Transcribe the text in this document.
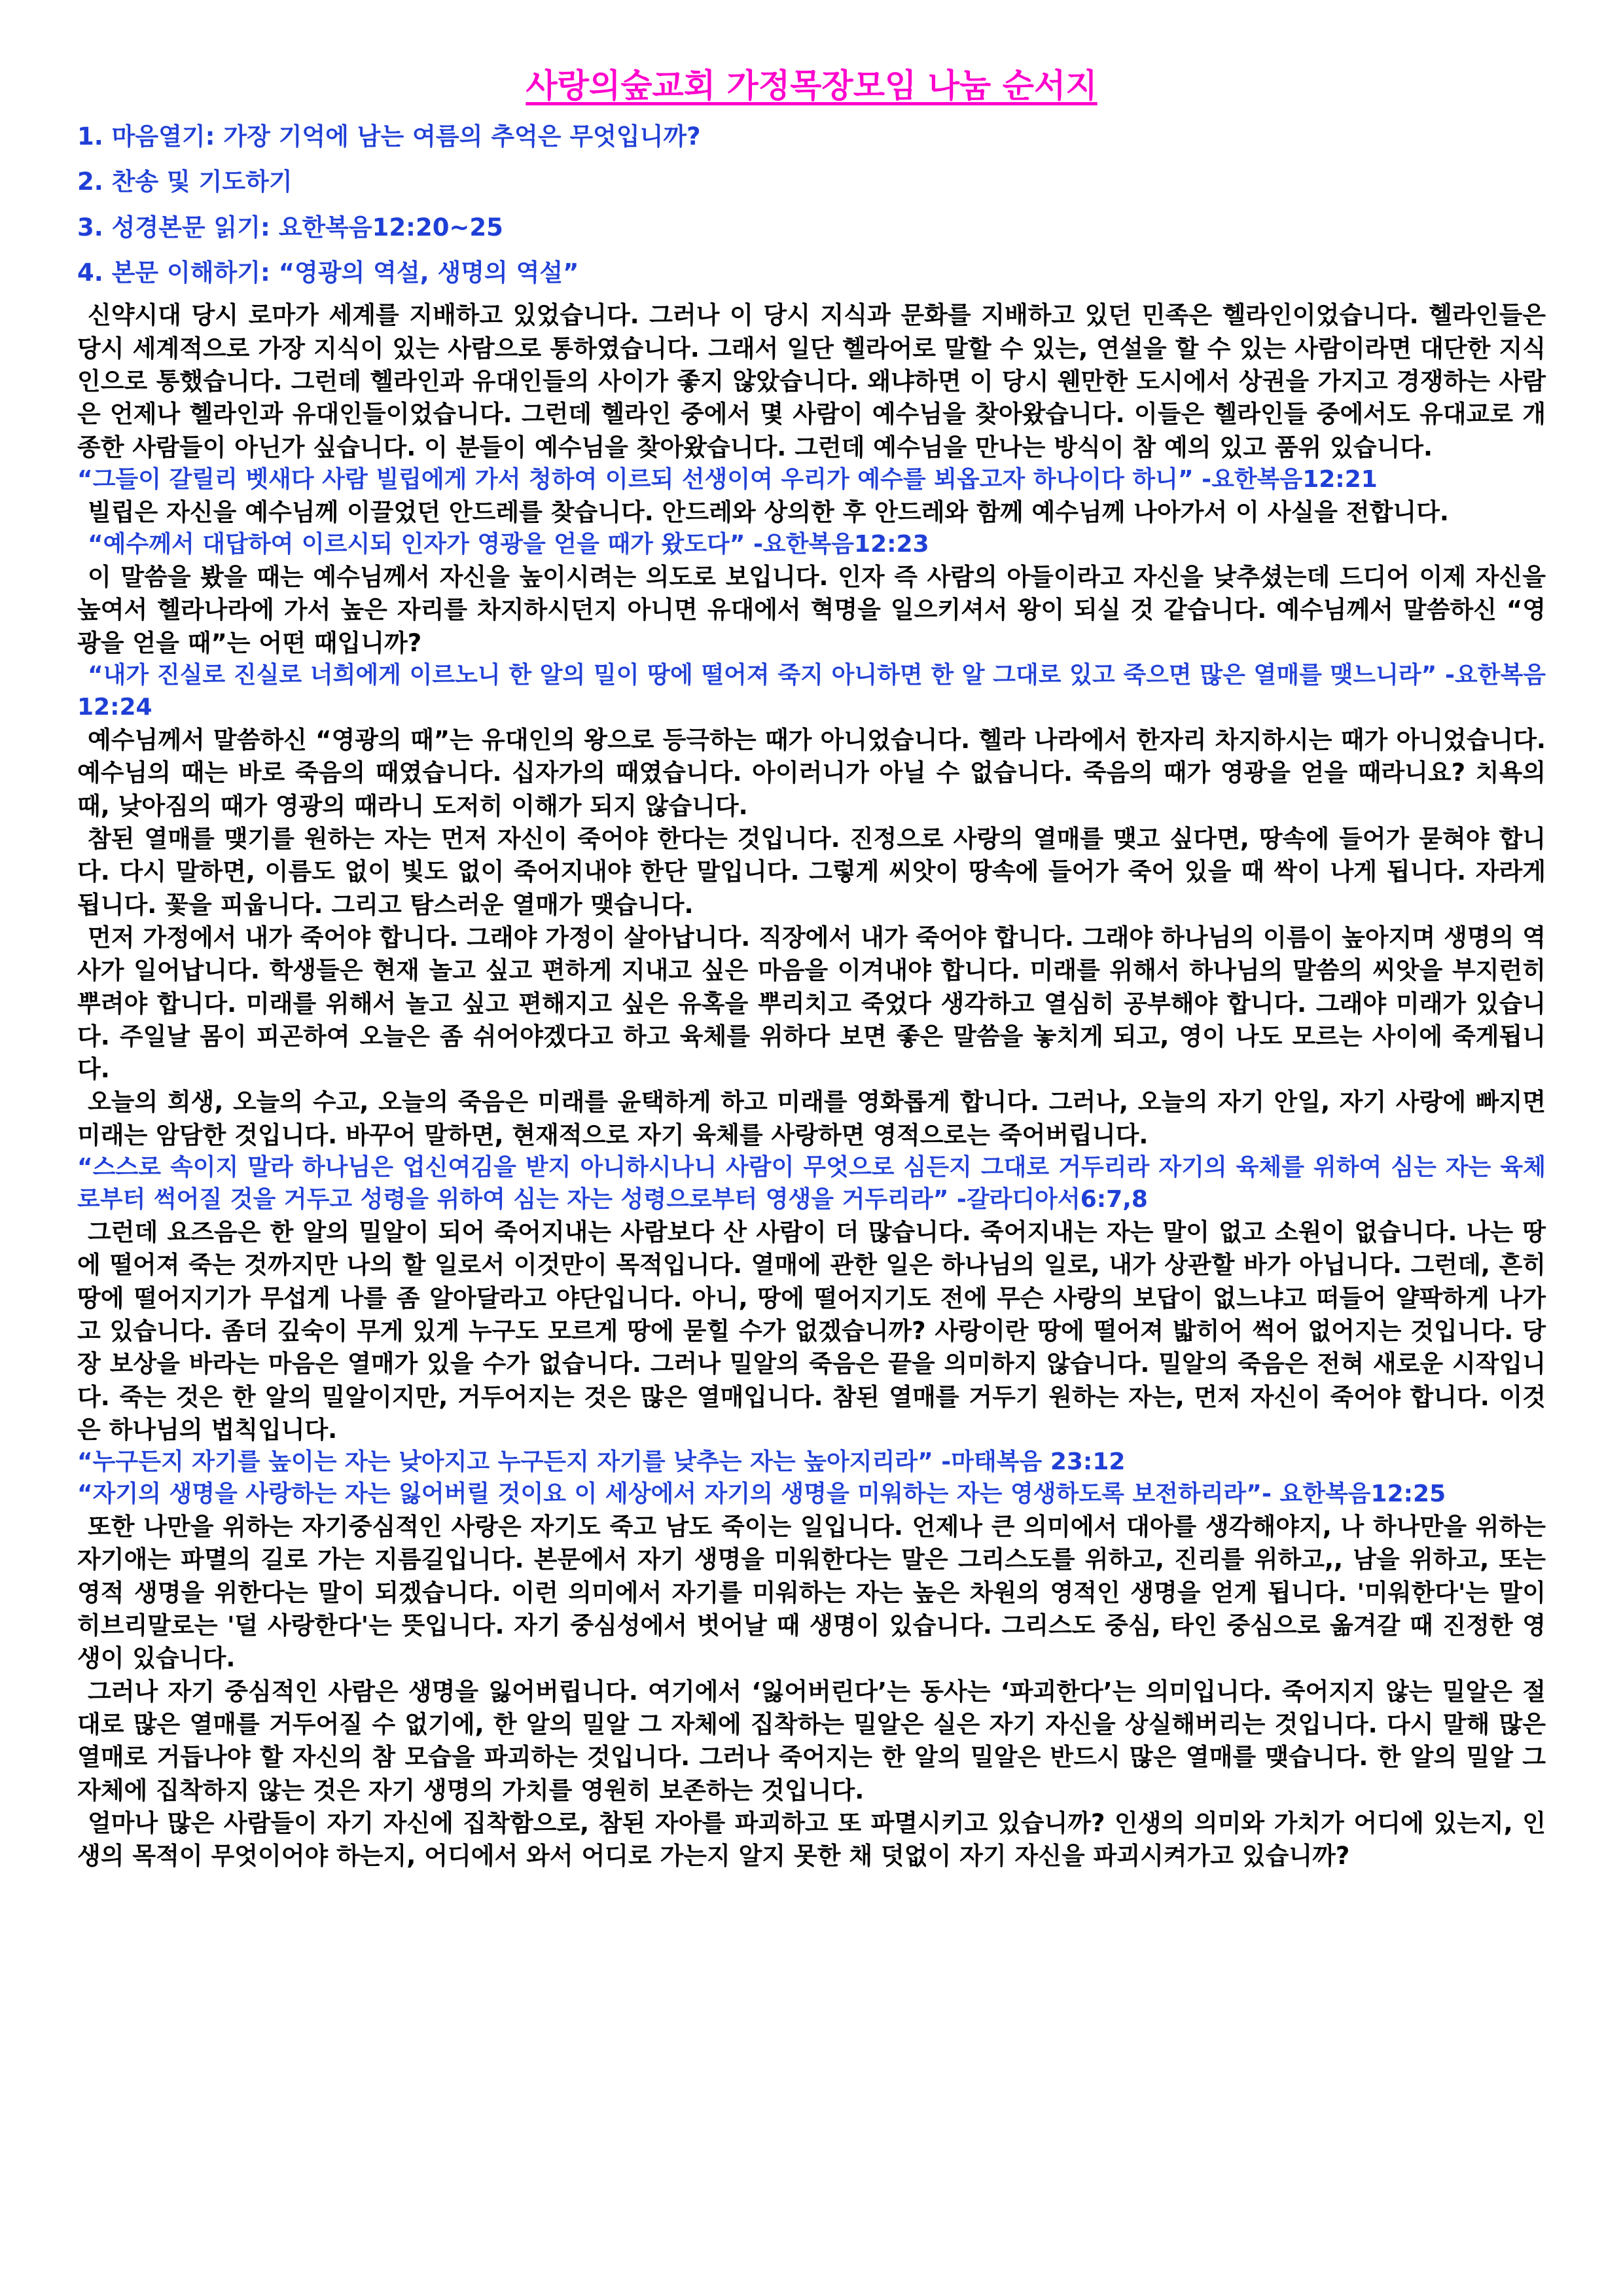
사랑의숲교회 가정목장모임 나눔 순서지
1. 마음열기: 가장 기억에 남는 여름의 추억은 무엇입니까?
2. 찬송 및 기도하기
3. 성경본문 읽기: 요한복음12:20~25
4. 본문 이해하기: “영광의 역설, 생명의 역설”

신약시대 당시 로마가 세계를 지배하고 있었습니다. 그러나 이 당시 지식과 문화를 지배하고 있던 민족은 헬라인이었습니다. 헬라인들은 당시 세계적으로 가장 지식이 있는 사람으로 통하였습니다. 그래서 일단 헬라어로 말할 수 있는, 연설을 할 수 있는 사람이라면 대단한 지식인으로 통했습니다. 그런데 헬라인과 유대인들의 사이가 좋지 않았습니다. 왜냐하면 이 당시 웬만한 도시에서 상권을 가지고 경쟁하는 사람은 언제나 헬라인과 유대인들이었습니다. 그런데 헬라인 중에서 몇 사람이 예수님을 찾아왔습니다. 이들은 헬라인들 중에서도 유대교로 개종한 사람들이 아닌가 싶습니다. 이 분들이 예수님을 찾아왔습니다. 그런데 예수님을 만나는 방식이 참 예의 있고 품위 있습니다.

“그들이 갈릴리 벳새다 사람 빌립에게 가서 청하여 이르되 선생이여 우리가 예수를 뵈옵고자 하나이다 하니” -요한복음12:21

빌립은 자신을 예수님께 이끌었던 안드레를 찾습니다. 안드레와 상의한 후 안드레와 함께 예수님께 나아가서 이 사실을 전합니다.

“예수께서 대답하여 이르시되 인자가 영광을 얻을 때가 왔도다” -요한복음12:23

이 말씀을 봤을 때는 예수님께서 자신을 높이시려는 의도로 보입니다. 인자 즉 사람의 아들이라고 자신을 낮추셨는데 드디어 이제 자신을 높여서 헬라나라에 가서 높은 자리를 차지하시던지 아니면 유대에서 혁명을 일으키셔서 왕이 되실 것 같습니다. 예수님께서 말씀하신 “영광을 얻을 때”는 어떤 때입니까?

“내가 진실로 진실로 너희에게 이르노니 한 알의 밀이 땅에 떨어져 죽지 아니하면 한 알 그대로 있고 죽으면 많은 열매를 맺느니라” -요한복음12:24

예수님께서 말씀하신 “영광의 때”는 유대인의 왕으로 등극하는 때가 아니었습니다. 헬라 나라에서 한자리 차지하시는 때가 아니었습니다. 예수님의 때는 바로 죽음의 때였습니다. 십자가의 때였습니다. 아이러니가 아닐 수 없습니다. 죽음의 때가 영광을 얻을 때라니요? 치욕의 때, 낮아짐의 때가 영광의 때라니 도저히 이해가 되지 않습니다.

참된 열매를 맺기를 원하는 자는 먼저 자신이 죽어야 한다는 것입니다. 진정으로 사랑의 열매를 맺고 싶다면, 땅속에 들어가 묻혀야 합니다. 다시 말하면, 이름도 없이 빛도 없이 죽어지내야 한단 말입니다. 그렇게 씨앗이 땅속에 들어가 죽어 있을 때 싹이 나게 됩니다. 자라게 됩니다. 꽃을 피웁니다. 그리고 탐스러운 열매가 맺습니다.

먼저 가정에서 내가 죽어야 합니다. 그래야 가정이 살아납니다. 직장에서 내가 죽어야 합니다. 그래야 하나님의 이름이 높아지며 생명의 역사가 일어납니다. 학생들은 현재 놀고 싶고 편하게 지내고 싶은 마음을 이겨내야 합니다. 미래를 위해서 하나님의 말씀의 씨앗을 부지런히 뿌려야 합니다. 미래를 위해서 놀고 싶고 편해지고 싶은 유혹을 뿌리치고 죽었다 생각하고 열심히 공부해야 합니다. 그래야 미래가 있습니다. 주일날 몸이 피곤하여 오늘은 좀 쉬어야겠다고 하고 육체를 위하다 보면 좋은 말씀을 놓치게 되고, 영이 나도 모르는 사이에 죽게됩니다.

오늘의 희생, 오늘의 수고, 오늘의 죽음은 미래를 윤택하게 하고 미래를 영화롭게 합니다. 그러나, 오늘의 자기 안일, 자기 사랑에 빠지면 미래는 암담한 것입니다. 바꾸어 말하면, 현재적으로 자기 육체를 사랑하면 영적으로는 죽어버립니다.

“스스로 속이지 말라 하나님은 업신여김을 받지 아니하시나니 사람이 무엇으로 심든지 그대로 거두리라 자기의 육체를 위하여 심는 자는 육체로부터 썩어질 것을 거두고 성령을 위하여 심는 자는 성령으로부터 영생을 거두리라” -갈라디아서6:7,8

그런데 요즈음은 한 알의 밀알이 되어 죽어지내는 사람보다 산 사람이 더 많습니다. 죽어지내는 자는 말이 없고 소원이 없습니다. 나는 땅에 떨어져 죽는 것까지만 나의 할 일로서 이것만이 목적입니다. 열매에 관한 일은 하나님의 일로, 내가 상관할 바가 아닙니다. 그런데, 흔히 땅에 떨어지기가 무섭게 나를 좀 알아달라고 야단입니다. 아니, 땅에 떨어지기도 전에 무슨 사랑의 보답이 없느냐고 떠들어 얄팍하게 나가고 있습니다. 좀더 깊숙이 무게 있게 누구도 모르게 땅에 묻힐 수가 없겠습니까? 사랑이란 땅에 떨어져 밟히어 썩어 없어지는 것입니다. 당장 보상을 바라는 마음은 열매가 있을 수가 없습니다. 그러나 밀알의 죽음은 끝을 의미하지 않습니다. 밀알의 죽음은 전혀 새로운 시작입니다. 죽는 것은 한 알의 밀알이지만, 거두어지는 것은 많은 열매입니다. 참된 열매를 거두기 원하는 자는, 먼저 자신이 죽어야 합니다. 이것은 하나님의 법칙입니다.

“누구든지 자기를 높이는 자는 낮아지고 누구든지 자기를 낮추는 자는 높아지리라” -마태복음 23:12

“자기의 생명을 사랑하는 자는 잃어버릴 것이요 이 세상에서 자기의 생명을 미워하는 자는 영생하도록 보전하리라”- 요한복음12:25

또한 나만을 위하는 자기중심적인 사랑은 자기도 죽고 남도 죽이는 일입니다. 언제나 큰 의미에서 대아를 생각해야지, 나 하나만을 위하는 자기애는 파멸의 길로 가는 지름길입니다. 본문에서 자기 생명을 미워한다는 말은 그리스도를 위하고, 진리를 위하고,, 남을 위하고, 또는 영적 생명을 위한다는 말이 되겠습니다. 이런 의미에서 자기를 미워하는 자는 높은 차원의 영적인 생명을 얻게 됩니다. '미워한다'는 말이 히브리말로는 '덜 사랑한다'는 뜻입니다. 자기 중심성에서 벗어날 때 생명이 있습니다. 그리스도 중심, 타인 중심으로 옮겨갈 때 진정한 영생이 있습니다.

그러나 자기 중심적인 사람은 생명을 잃어버립니다. 여기에서 ‘잃어버린다’는 동사는 ‘파괴한다’는 의미입니다. 죽어지지 않는 밀알은 절대로 많은 열매를 거두어질 수 없기에, 한 알의 밀알 그 자체에 집착하는 밀알은 실은 자기 자신을 상실해버리는 것입니다. 다시 말해 많은 열매로 거듭나야 할 자신의 참 모습을 파괴하는 것입니다. 그러나 죽어지는 한 알의 밀알은 반드시 많은 열매를 맺습니다. 한 알의 밀알 그 자체에 집착하지 않는 것은 자기 생명의 가치를 영원히 보존하는 것입니다.

얼마나 많은 사람들이 자기 자신에 집착함으로, 참된 자아를 파괴하고 또 파멸시키고 있습니까? 인생의 의미와 가치가 어디에 있는지, 인생의 목적이 무엇이어야 하는지, 어디에서 와서 어디로 가는지 알지 못한 채 덧없이 자기 자신을 파괴시켜가고 있습니까?
